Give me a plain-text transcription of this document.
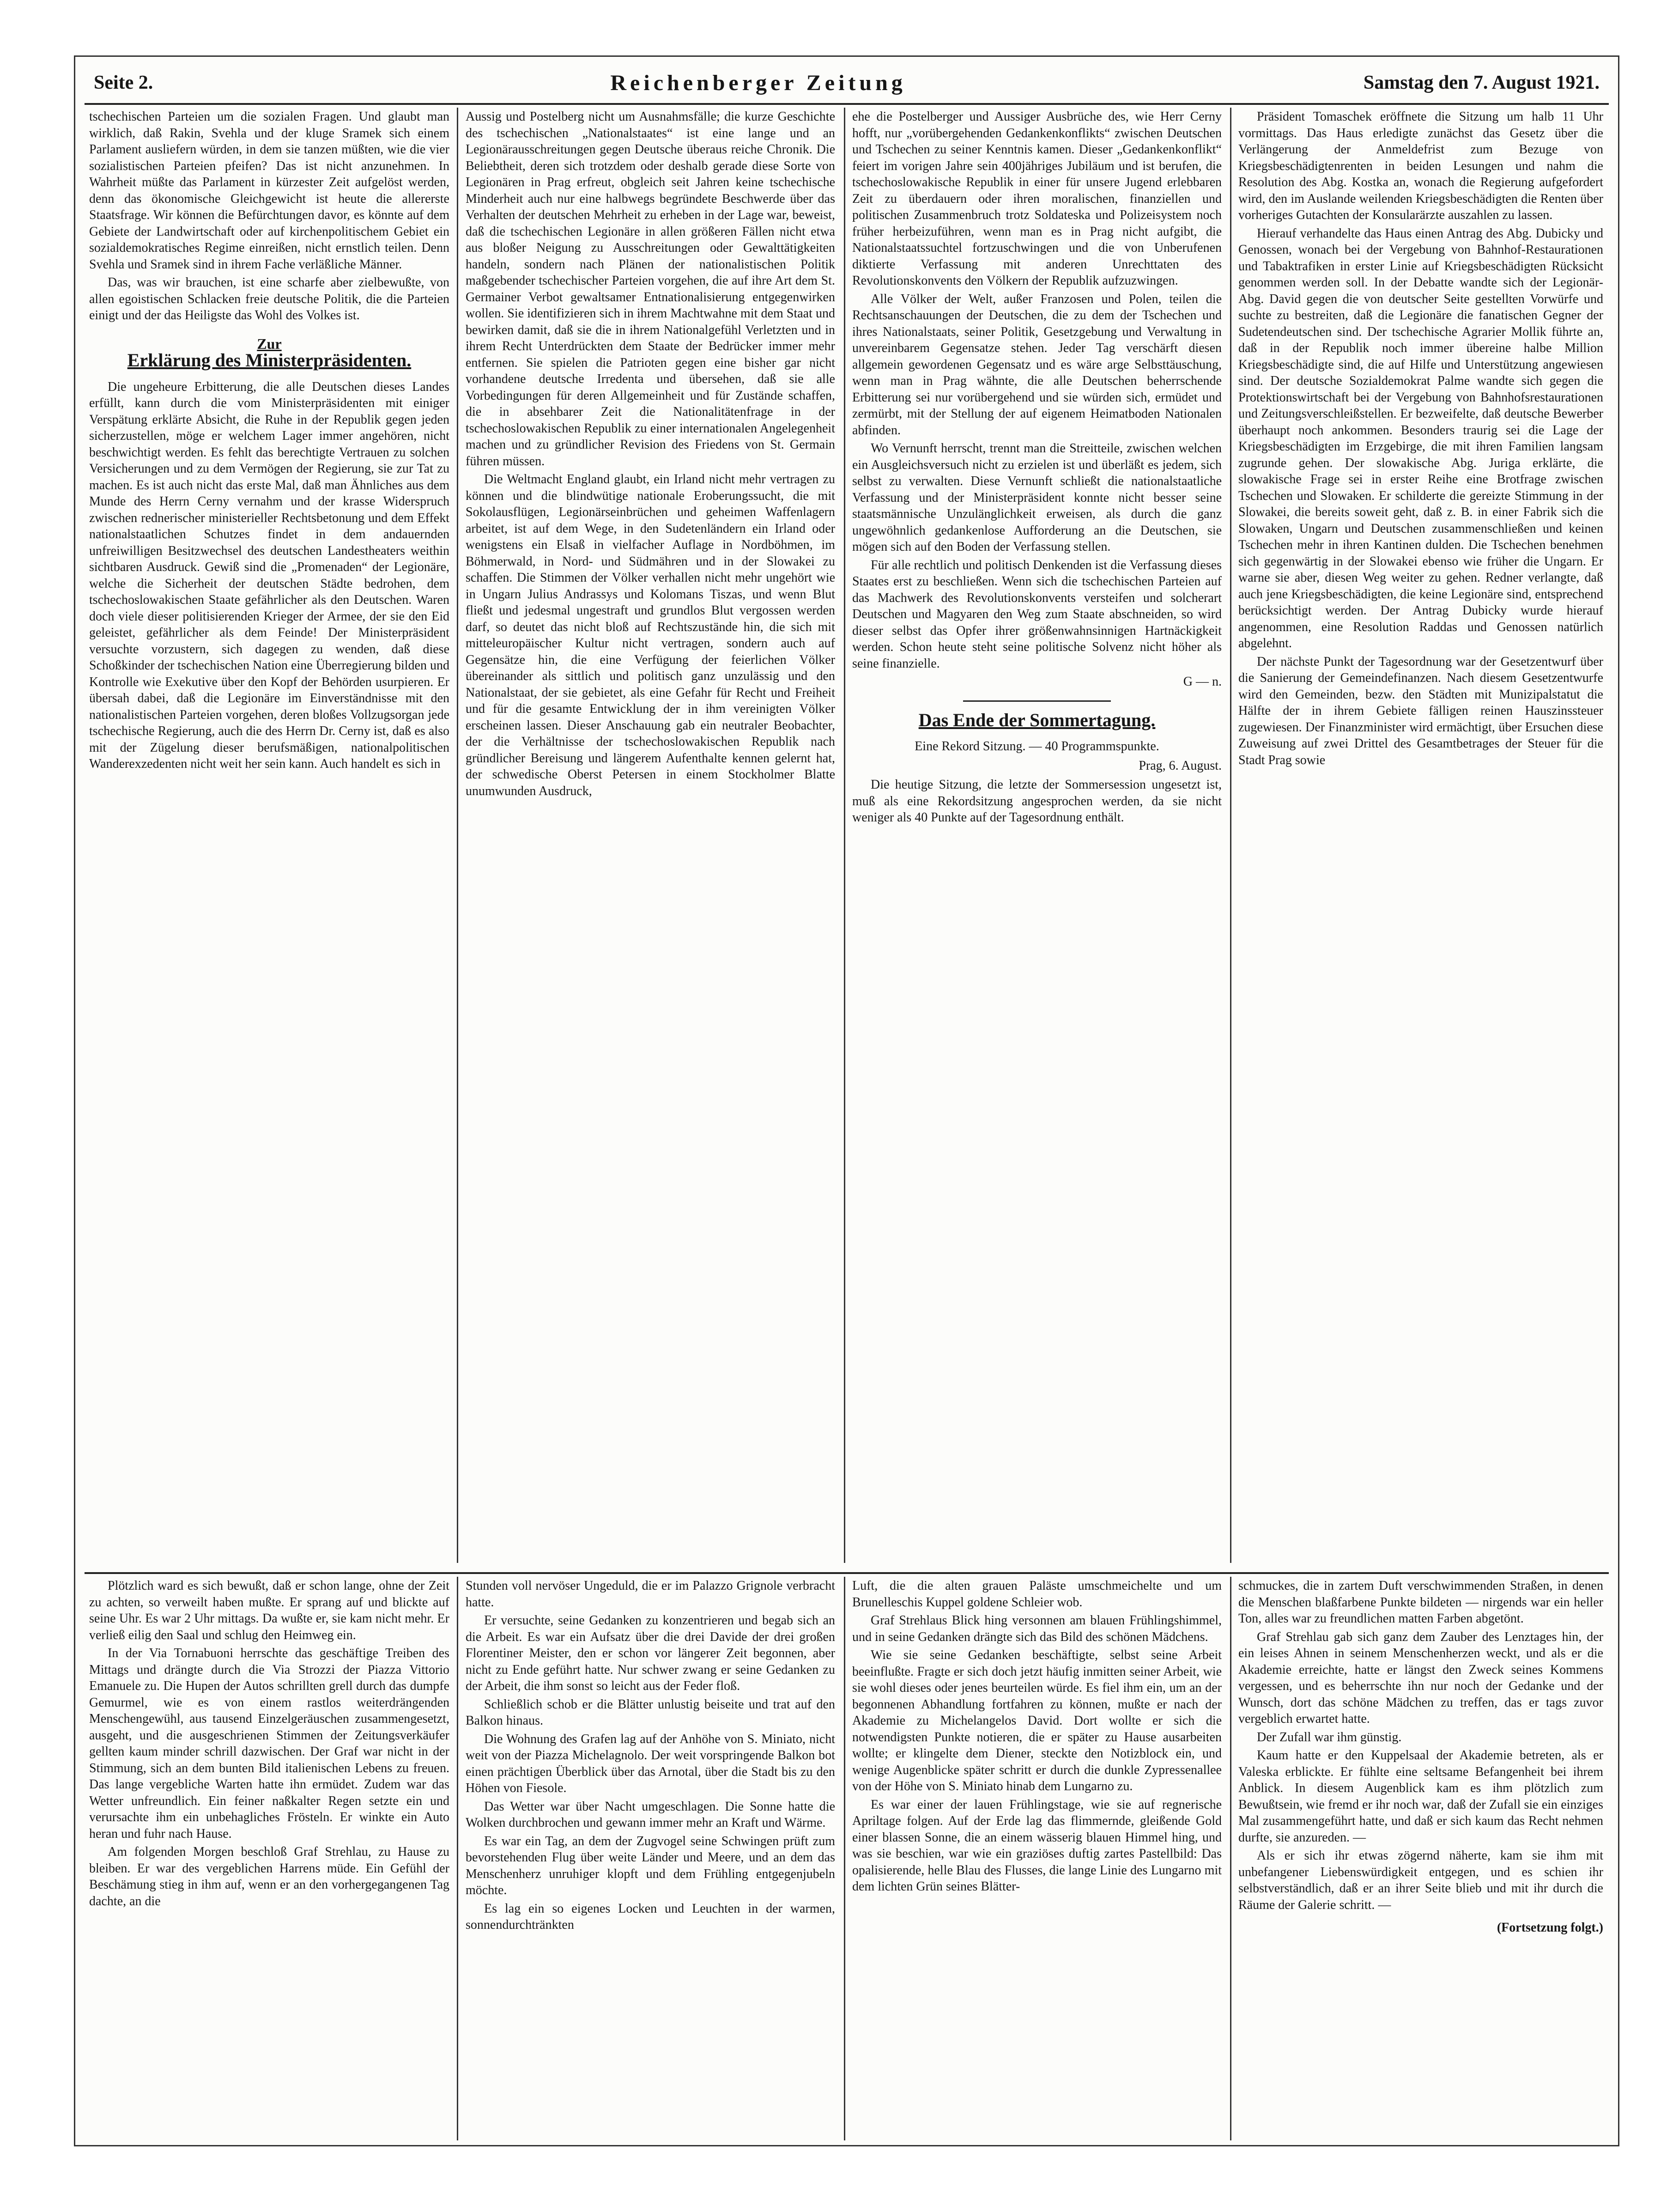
Seite 2.	Reichenberger Zeitung	Samstag den 7. August 1921.

tschechischen Parteien um die sozialen Fragen. Und glaubt man wirklich, daß Rakin, Svehla und der kluge Sramek sich einem Parlament ausliefern würden, in dem sie tanzen müßten, wie die vier sozialistischen Parteien pfeifen? Das ist nicht anzunehmen. In Wahrheit müßte das Parlament in kürzester Zeit aufgelöst werden, denn das ökonomische Gleichgewicht ist heute die allererste Staatsfrage. Wir können die Befürchtungen davor, es könnte auf dem Gebiete der Landwirtschaft oder auf kirchenpolitischem Gebiet ein sozialdemokratisches Regime einreißen, nicht ernstlich teilen. Denn Svehla und Sramek sind in ihrem Fache verläßliche Männer.

Das, was wir brauchen, ist eine scharfe aber zielbewußte, von allen egoistischen Schlacken freie deutsche Politik, die die Parteien einigt und der das Heiligste das Wohl des Volkes ist.

Zur
Erklärung des Ministerpräsidenten.

Die ungeheure Erbitterung, die alle Deutschen dieses Landes erfüllt, kann durch die vom Ministerpräsidenten mit einiger Verspätung erklärte Absicht, die Ruhe in der Republik gegen jeden sicherzustellen, möge er welchem Lager immer angehören, nicht beschwichtigt werden. Es fehlt das berechtigte Vertrauen zu solchen Versicherungen und zu dem Vermögen der Regierung, sie zur Tat zu machen. Es ist auch nicht das erste Mal, daß man Ähnliches aus dem Munde des Herrn Cerny vernahm und der krasse Widerspruch zwischen rednerischer ministerieller Rechtsbetonung und dem Effekt nationalstaatlichen Schutzes findet in dem andauernden unfreiwilligen Besitzwechsel des deutschen Landestheaters weithin sichtbaren Ausdruck. Gewiß sind die „Promenaden“ der Legionäre, welche die Sicherheit der deutschen Städte bedrohen, dem tschechoslowakischen Staate gefährlicher als den Deutschen. Waren doch viele dieser politisierenden Krieger der Armee, der sie den Eid geleistet, gefährlicher als dem Feinde! Der Ministerpräsident versuchte vorzustern, sich dagegen zu wenden, daß diese Schoßkinder der tschechischen Nation eine Überregierung bilden und Kontrolle wie Exekutive über den Kopf der Behörden usurpieren. Er übersah dabei, daß die Legionäre im Einverständnisse mit den nationalistischen Parteien vorgehen, deren bloßes Vollzugsorgan jede tschechische Regierung, auch die des Herrn Dr. Cerny ist, daß es also mit der Zügelung dieser berufsmäßigen, nationalpolitischen Wanderexzedenten nicht weit her sein kann. Auch handelt es sich in

Aussig und Postelberg nicht um Ausnahmsfälle; die kurze Geschichte des tschechischen „Nationalstaates“ ist eine lange und an Legionärausschreitungen gegen Deutsche überaus reiche Chronik. Die Beliebtheit, deren sich trotzdem oder deshalb gerade diese Sorte von Legionären in Prag erfreut, obgleich seit Jahren keine tschechische Minderheit auch nur eine halbwegs begründete Beschwerde über das Verhalten der deutschen Mehrheit zu erheben in der Lage war, beweist, daß die tschechischen Legionäre in allen größeren Fällen nicht etwa aus bloßer Neigung zu Ausschreitungen oder Gewalttätigkeiten handeln, sondern nach Plänen der nationalistischen Politik maßgebender tschechischer Parteien vorgehen, die auf ihre Art dem St. Germainer Verbot gewaltsamer Entnationalisierung entgegenwirken wollen. Sie identifizieren sich in ihrem Machtwahne mit dem Staat und bewirken damit, daß sie die in ihrem Nationalgefühl Verletzten und in ihrem Recht Unterdrückten dem Staate der Bedrücker immer mehr entfernen. Sie spielen die Patrioten gegen eine bisher gar nicht vorhandene deutsche Irredenta und übersehen, daß sie alle Vorbedingungen für deren Allgemeinheit und für Zustände schaffen, die in absehbarer Zeit die Nationalitätenfrage in der tschechoslowakischen Republik zu einer internationalen Angelegenheit machen und zu gründlicher Revision des Friedens von St. Germain führen müssen.

Die Weltmacht England glaubt, ein Irland nicht mehr vertragen zu können und die blindwütige nationale Eroberungssucht, die mit Sokolausflügen, Legionärseinbrüchen und geheimen Waffenlagern arbeitet, ist auf dem Wege, in den Sudetenländern ein Irland oder wenigstens ein Elsaß in vielfacher Auflage in Nordböhmen, im Böhmerwald, in Nord- und Südmähren und in der Slowakei zu schaffen. Die Stimmen der Völker verhallen nicht mehr ungehört wie in Ungarn Julius Andrassys und Kolomans Tiszas, und wenn Blut fließt und jedesmal ungestraft und grundlos Blut vergossen werden darf, so deutet das nicht bloß auf Rechtszustände hin, die sich mit mitteleuropäischer Kultur nicht vertragen, sondern auch auf Gegensätze hin, die eine Verfügung der feierlichen Völker übereinander als sittlich und politisch ganz unzulässig und den Nationalstaat, der sie gebietet, als eine Gefahr für Recht und Freiheit und für die gesamte Entwicklung der in ihm vereinigten Völker erscheinen lassen. Dieser Anschauung gab ein neutraler Beobachter, der die Verhältnisse der tschechoslowakischen Republik nach gründlicher Bereisung und längerem Aufenthalte kennen gelernt hat, der schwedische Oberst Petersen in einem Stockholmer Blatte unumwunden Ausdruck,

ehe die Postelberger und Aussiger Ausbrüche des, wie Herr Cerny hofft, nur „vorübergehenden Gedankenkonflikts“ zwischen Deutschen und Tschechen zu seiner Kenntnis kamen. Dieser „Gedankenkonflikt“ feiert im vorigen Jahre sein 400jähriges Jubiläum und ist berufen, die tschechoslowakische Republik in einer für unsere Jugend erlebbaren Zeit zu überdauern oder ihren moralischen, finanziellen und politischen Zusammenbruch trotz Soldateska und Polizeisystem noch früher herbeizuführen, wenn man es in Prag nicht aufgibt, die Nationalstaatssuchtel fortzuschwingen und die von Unberufenen diktierte Verfassung mit anderen Unrechttaten des Revolutionskonvents den Völkern der Republik aufzuzwingen.

Alle Völker der Welt, außer Franzosen und Polen, teilen die Rechtsanschauungen der Deutschen, die zu dem der Tschechen und ihres Nationalstaats, seiner Politik, Gesetzgebung und Verwaltung in unvereinbarem Gegensatze stehen. Jeder Tag verschärft diesen allgemein gewordenen Gegensatz und es wäre arge Selbsttäuschung, wenn man in Prag wähnte, die alle Deutschen beherrschende Erbitterung sei nur vorübergehend und sie würden sich, ermüdet und zermürbt, mit der Stellung der auf eigenem Heimatboden Nationalen abfinden.

Wo Vernunft herrscht, trennt man die Streitteile, zwischen welchen ein Ausgleichsversuch nicht zu erzielen ist und überläßt es jedem, sich selbst zu verwalten. Diese Vernunft schließt die nationalstaatliche Verfassung und der Ministerpräsident konnte nicht besser seine staatsmännische Unzulänglichkeit erweisen, als durch die ganz ungewöhnlich gedankenlose Aufforderung an die Deutschen, sie mögen sich auf den Boden der Verfassung stellen.

Für alle rechtlich und politisch Denkenden ist die Verfassung dieses Staates erst zu beschließen. Wenn sich die tschechischen Parteien auf das Machwerk des Revolutionskonvents versteifen und solcherart Deutschen und Magyaren den Weg zum Staate abschneiden, so wird dieser selbst das Opfer ihrer größenwahnsinnigen Hartnäckigkeit werden. Schon heute steht seine politische Solvenz nicht höher als seine finanzielle.

G — n.

Das Ende der Sommertagung.
Eine Rekord Sitzung. — 40 Programmspunkte.
Prag, 6. August.

Die heutige Sitzung, die letzte der Sommersession ungesetzt ist, muß als eine Rekordsitzung angesprochen werden, da sie nicht weniger als 40 Punkte auf der Tagesordnung enthält.

Präsident Tomaschek eröffnete die Sitzung um halb 11 Uhr vormittags. Das Haus erledigte zunächst das Gesetz über die Verlängerung der Anmeldefrist zum Bezuge von Kriegsbeschädigtenrenten in beiden Lesungen und nahm die Resolution des Abg. Kostka an, wonach die Regierung aufgefordert wird, den im Auslande weilenden Kriegsbeschädigten die Renten über vorheriges Gutachten der Konsularärzte auszahlen zu lassen.

Hierauf verhandelte das Haus einen Antrag des Abg. Dubicky und Genossen, wonach bei der Vergebung von Bahnhof-Restaurationen und Tabaktrafiken in erster Linie auf Kriegsbeschädigten Rücksicht genommen werden soll. In der Debatte wandte sich der Legionär-Abg. David gegen die von deutscher Seite gestellten Vorwürfe und suchte zu bestreiten, daß die Legionäre die fanatischen Gegner der Sudetendeutschen sind. Der tschechische Agrarier Mollik führte an, daß in der Republik noch immer übereine halbe Million Kriegsbeschädigte sind, die auf Hilfe und Unterstützung angewiesen sind. Der deutsche Sozialdemokrat Palme wandte sich gegen die Protektionswirtschaft bei der Vergebung von Bahnhofsrestaurationen und Zeitungsverschleißstellen. Er bezweifelte, daß deutsche Bewerber überhaupt noch ankommen. Besonders traurig sei die Lage der Kriegsbeschädigten im Erzgebirge, die mit ihren Familien langsam zugrunde gehen. Der slowakische Abg. Juriga erklärte, die slowakische Frage sei in erster Reihe eine Brotfrage zwischen Tschechen und Slowaken. Er schilderte die gereizte Stimmung in der Slowakei, die bereits soweit geht, daß z. B. in einer Fabrik sich die Slowaken, Ungarn und Deutschen zusammenschließen und keinen Tschechen mehr in ihren Kantinen dulden. Die Tschechen benehmen sich gegenwärtig in der Slowakei ebenso wie früher die Ungarn. Er warne sie aber, diesen Weg weiter zu gehen. Redner verlangte, daß auch jene Kriegsbeschädigten, die keine Legionäre sind, entsprechend berücksichtigt werden. Der Antrag Dubicky wurde hierauf angenommen, eine Resolution Raddas und Genossen natürlich abgelehnt.

Der nächste Punkt der Tagesordnung war der Gesetzentwurf über die Sanierung der Gemeindefinanzen. Nach diesem Gesetzentwurfe wird den Gemeinden, bezw. den Städten mit Munizipalstatut die Hälfte der in ihrem Gebiete fälligen reinen Hauszinssteuer zugewiesen. Der Finanzminister wird ermächtigt, über Ersuchen diese Zuweisung auf zwei Drittel des Gesamtbetrages der Steuer für die Stadt Prag sowie

Plötzlich ward es sich bewußt, daß er schon lange, ohne der Zeit zu achten, so verweilt haben mußte. Er sprang auf und blickte auf seine Uhr. Es war 2 Uhr mittags. Da wußte er, sie kam nicht mehr. Er verließ eilig den Saal und schlug den Heimweg ein.

In der Via Tornabuoni herrschte das geschäftige Treiben des Mittags und drängte durch die Via Strozzi der Piazza Vittorio Emanuele zu. Die Hupen der Autos schrillten grell durch das dumpfe Gemurmel, wie es von einem rastlos weiterdrängenden Menschengewühl, aus tausend Einzelgeräuschen zusammengesetzt, ausgeht, und die ausgeschrienen Stimmen der Zeitungsverkäufer gellten kaum minder schrill dazwischen. Der Graf war nicht in der Stimmung, sich an dem bunten Bild italienischen Lebens zu freuen. Das lange vergebliche Warten hatte ihn ermüdet. Zudem war das Wetter unfreundlich. Ein feiner naßkalter Regen setzte ein und verursachte ihm ein unbehagliches Frösteln. Er winkte ein Auto heran und fuhr nach Hause.

Am folgenden Morgen beschloß Graf Strehlau, zu Hause zu bleiben. Er war des vergeblichen Harrens müde. Ein Gefühl der Beschämung stieg in ihm auf, wenn er an den vorhergegangenen Tag dachte, an die

Stunden voll nervöser Ungeduld, die er im Palazzo Grignole verbracht hatte.

Er versuchte, seine Gedanken zu konzentrieren und begab sich an die Arbeit. Es war ein Aufsatz über die drei Davide der drei großen Florentiner Meister, den er schon vor längerer Zeit begonnen, aber nicht zu Ende geführt hatte. Nur schwer zwang er seine Gedanken zu der Arbeit, die ihm sonst so leicht aus der Feder floß.

Schließlich schob er die Blätter unlustig beiseite und trat auf den Balkon hinaus.

Die Wohnung des Grafen lag auf der Anhöhe von S. Miniato, nicht weit von der Piazza Michelagnolo. Der weit vorspringende Balkon bot einen prächtigen Überblick über das Arnotal, über die Stadt bis zu den Höhen von Fiesole.

Das Wetter war über Nacht umgeschlagen. Die Sonne hatte die Wolken durchbrochen und gewann immer mehr an Kraft und Wärme.

Es war ein Tag, an dem der Zugvogel seine Schwingen prüft zum bevorstehenden Flug über weite Länder und Meere, und an dem das Menschenherz unruhiger klopft und dem Frühling entgegenjubeln möchte.

Es lag ein so eigenes Locken und Leuchten in der warmen, sonnendurchtränkten

Luft, die die alten grauen Paläste umschmeichelte und um Brunelleschis Kuppel goldene Schleier wob.

Graf Strehlaus Blick hing versonnen am blauen Frühlingshimmel, und in seine Gedanken drängte sich das Bild des schönen Mädchens.

Wie sie seine Gedanken beschäftigte, selbst seine Arbeit beeinflußte. Fragte er sich doch jetzt häufig inmitten seiner Arbeit, wie sie wohl dieses oder jenes beurteilen würde. Es fiel ihm ein, um an der begonnenen Abhandlung fortfahren zu können, mußte er nach der Akademie zu Michelangelos David. Dort wollte er sich die notwendigsten Punkte notieren, die er später zu Hause ausarbeiten wollte; er klingelte dem Diener, steckte den Notizblock ein, und wenige Augenblicke später schritt er durch die dunkle Zypressenallee von der Höhe von S. Miniato hinab dem Lungarno zu.

Es war einer der lauen Frühlingstage, wie sie auf regnerische Apriltage folgen. Auf der Erde lag das flimmernde, gleißende Gold einer blassen Sonne, die an einem wässerig blauen Himmel hing, und was sie beschien, war wie ein graziöses duftig zartes Pastellbild: Das opalisierende, helle Blau des Flusses, die lange Linie des Lungarno mit dem lichten Grün seines Blätter-

schmuckes, die in zartem Duft verschwimmenden Straßen, in denen die Menschen blaßfarbene Punkte bildeten — nirgends war ein heller Ton, alles war zu freundlichen matten Farben abgetönt.

Graf Strehlau gab sich ganz dem Zauber des Lenztages hin, der ein leises Ahnen in seinem Menschenherzen weckt, und als er die Akademie erreichte, hatte er längst den Zweck seines Kommens vergessen, und es beherrschte ihn nur noch der Gedanke und der Wunsch, dort das schöne Mädchen zu treffen, das er tags zuvor vergeblich erwartet hatte.

Der Zufall war ihm günstig.

Kaum hatte er den Kuppelsaal der Akademie betreten, als er Valeska erblickte. Er fühlte eine seltsame Befangenheit bei ihrem Anblick. In diesem Augenblick kam es ihm plötzlich zum Bewußtsein, wie fremd er ihr noch war, daß der Zufall sie ein einziges Mal zusammengeführt hatte, und daß er sich kaum das Recht nehmen durfte, sie anzureden. —

Als er sich ihr etwas zögernd näherte, kam sie ihm mit unbefangener Liebenswürdigkeit entgegen, und es schien ihr selbstverständlich, daß er an ihrer Seite blieb und mit ihr durch die Räume der Galerie schritt. —

(Fortsetzung folgt.)
